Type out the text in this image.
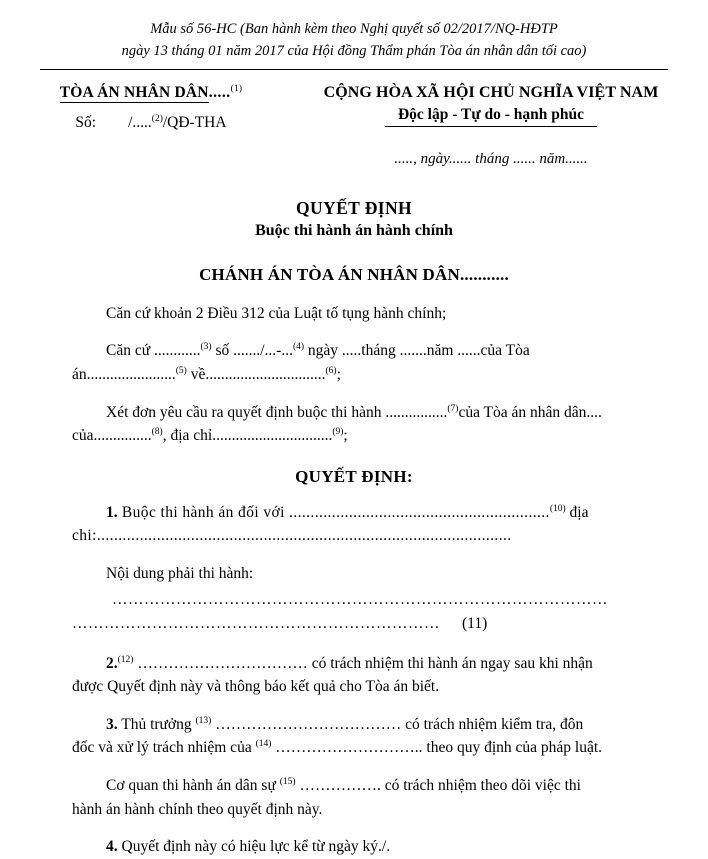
Mẫu số 56-HC (Ban hành kèm theo Nghị quyết số 02/2017/NQ-HĐTP
ngày 13 tháng 01 năm 2017 của Hội đồng Thẩm phán Tòa án nhân dân tối cao)
TÒA ÁN NHÂN DÂN.....$^{(1)}$
Số: /.....$^{(2)}$/QĐ-THA
CỘNG HÒA XÃ HỘI CHỦ NGHĨA VIỆT NAM
Độc lập - Tự do - hạnh phúc
....., ngày...... tháng ...... năm......
QUYẾT ĐỊNH
Buộc thi hành án hành chính
CHÁNH ÁN TÒA ÁN NHÂN DÂN...........

Căn cứ khoản 2 Điều 312 của Luật tố tụng hành chính;

Căn cứ ............$^{(3)}$ số ......./...-...$^{(4)}$ ngày .....tháng .......năm ......của Tòa

án.......................$^{(5)}$ về...............................$^{(6)}$;

Xét đơn yêu cầu ra quyết định buộc thi hành ................$^{(7)}$của Tòa án nhân dân....

của...............$^{(8)}$, địa chỉ...............................$^{(9)}$;

QUYẾT ĐỊNH:

1. Buộc thi hành án đối với .............................................................$^{(10)}$ địa

chi:.................................................................................................

Nội dung phải thi hành:

…………………………………………………………………………………

…………………………………………………………… (11)

2.$^{(12)}$ …………………………… có trách nhiệm thi hành án ngay sau khi nhận

được Quyết định này và thông báo kết quả cho Tòa án biết.

3. Thủ trưởng $^{(13)}$ ……………………………… có trách nhiệm kiểm tra, đôn

đốc và xử lý trách nhiệm của $^{(14)}$ ……………………….. theo quy định của pháp luật.

Cơ quan thi hành án dân sự $^{(15)}$ ……………. có trách nhiệm theo dõi việc thi

hành án hành chính theo quyết định này.

4. Quyết định này có hiệu lực kể từ ngày ký./.
